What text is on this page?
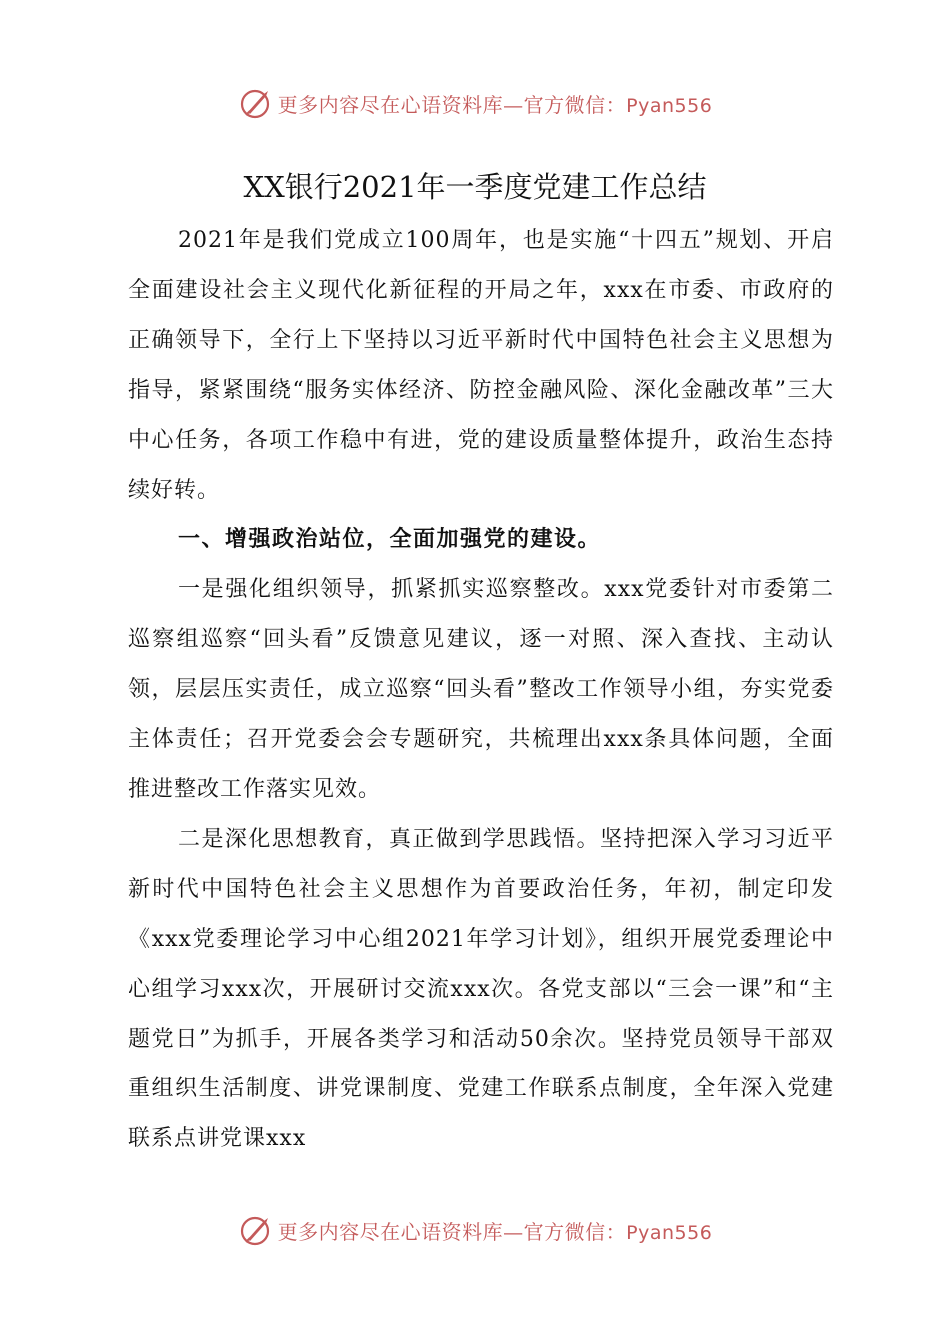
更多内容尽在心语资料库—官方微信：Pyan556
XX银行2021年一季度党建工作总结

2021年是我们党成立100周年，也是实施“十四五”规划、开启全面建设社会主义现代化新征程的开局之年，xxx在市委、市政府的正确领导下，全行上下坚持以习近平新时代中国特色社会主义思想为指导，紧紧围绕“服务实体经济、防控金融风险、深化金融改革”三大中心任务，各项工作稳中有进，党的建设质量整体提升，政治生态持续好转。

一、增强政治站位，全面加强党的建设。

一是强化组织领导，抓紧抓实巡察整改。xxx党委针对市委第二巡察组巡察“回头看”反馈意见建议，逐一对照、深入查找、主动认领，层层压实责任，成立巡察“回头看”整改工作领导小组，夯实党委主体责任；召开党委会会专题研究，共梳理出xxx条具体问题，全面推进整改工作落实见效。

二是深化思想教育，真正做到学思践悟。坚持把深入学习习近平新时代中国特色社会主义思想作为首要政治任务，年初，制定印发《xxx党委理论学习中心组2021年学习计划》，组织开展党委理论中心组学习xxx次，开展研讨交流xxx次。各党支部以“三会一课”和“主题党日”为抓手，开展各类学习和活动50余次。坚持党员领导干部双重组织生活制度、讲党课制度、党建工作联系点制度，全年深入党建联系点讲党课xxx

更多内容尽在心语资料库—官方微信：Pyan556
